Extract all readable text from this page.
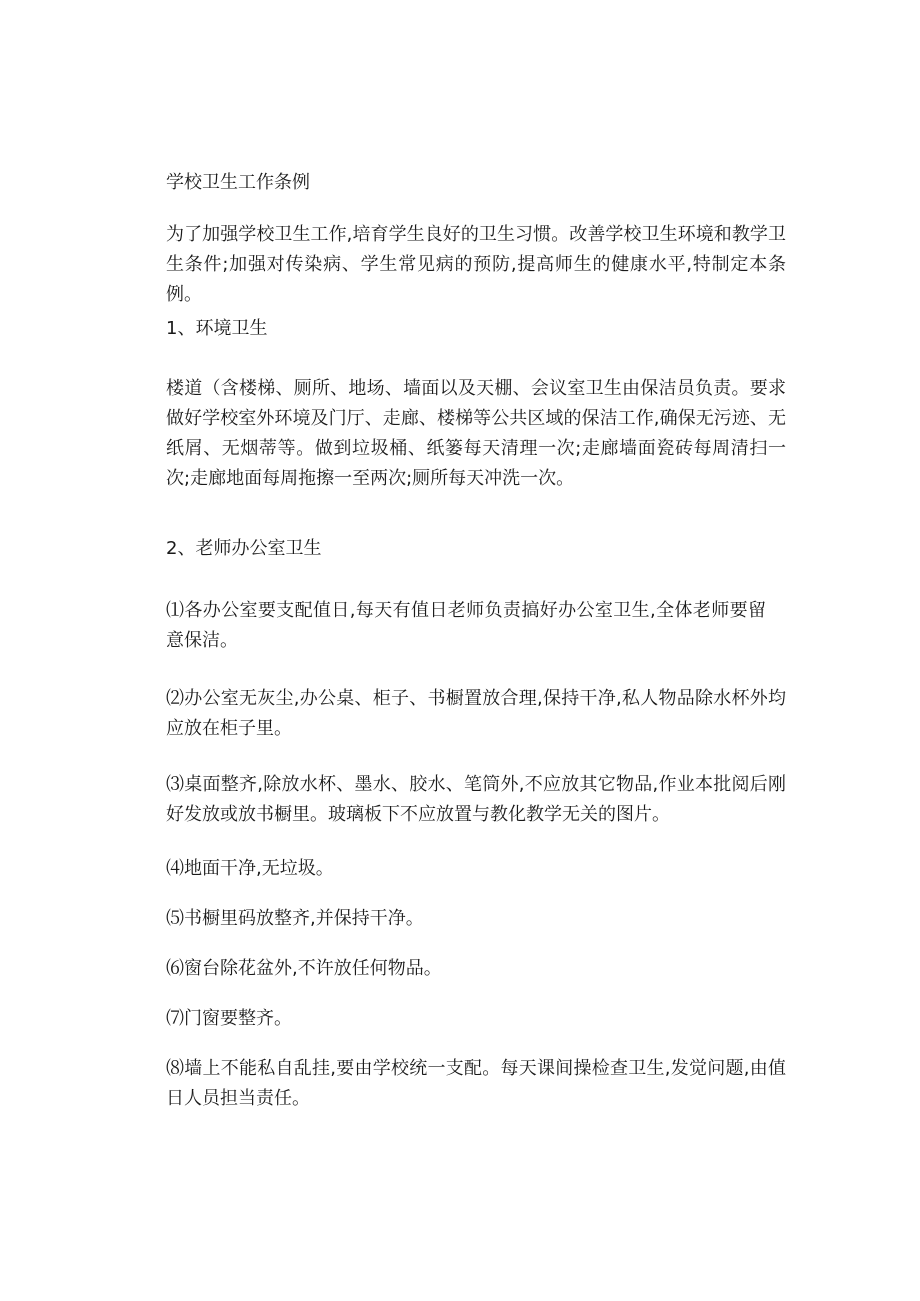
学校卫生工作条例
为了加强学校卫生工作,培育学生良好的卫生习惯。改善学校卫生环境和教学卫生条件;加强对传染病、学生常见病的预防,提高师生的健康水平,特制定本条例。
1、环境卫生
楼道（含楼梯、厕所、地场、墙面以及天棚、会议室卫生由保洁员负责。要求做好学校室外环境及门厅、走廊、楼梯等公共区域的保洁工作,确保无污迹、无纸屑、无烟蒂等。做到垃圾桶、纸篓每天清理一次;走廊墙面瓷砖每周清扫一次;走廊地面每周拖擦一至两次;厕所每天冲洗一次。
2、老师办公室卫生
⑴各办公室要支配值日,每天有值日老师负责搞好办公室卫生,全体老师要留意保洁。
⑵办公室无灰尘,办公桌、柜子、书橱置放合理,保持干净,私人物品除水杯外均应放在柜子里。
⑶桌面整齐,除放水杯、墨水、胶水、笔筒外,不应放其它物品,作业本批阅后刚好发放或放书橱里。玻璃板下不应放置与教化教学无关的图片。
⑷地面干净,无垃圾。
⑸书橱里码放整齐,并保持干净。
⑹窗台除花盆外,不许放任何物品。
⑺门窗要整齐。
⑻墙上不能私自乱挂,要由学校统一支配。每天课间操检查卫生,发觉问题,由值日人员担当责任。
